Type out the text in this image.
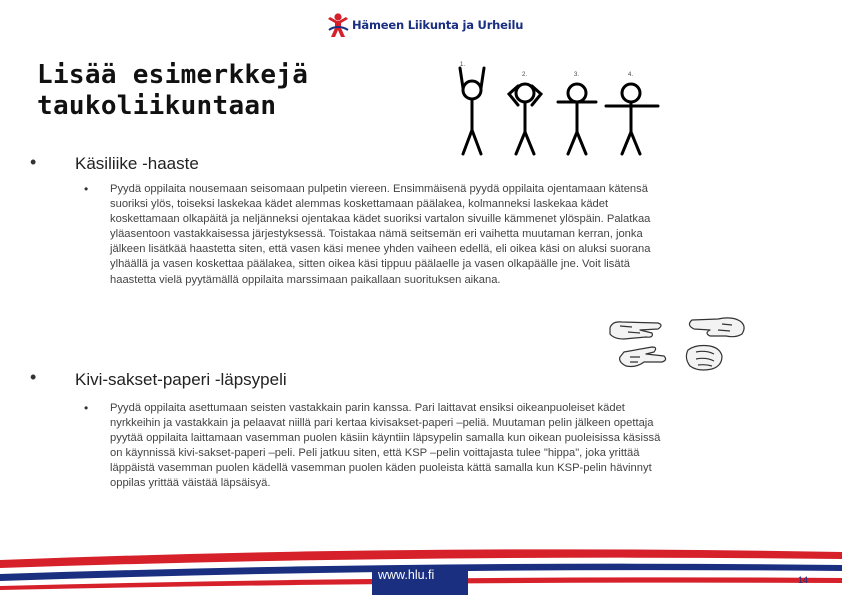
Hämeen Liikunta ja Urheilu
Lisää esimerkkejä
taukoliikuntaan
1.
2.	3.	4.
• Käsiliike -haaste
• Pyydä oppilaita nousemaan seisomaan pulpetin viereen. Ensimmäisenä pyydä oppilaita ojentamaan kätensä
suoriksi ylös, toiseksi laskekaa kädet alemmas koskettamaan päälakea, kolmanneksi laskekaa kädet
koskettamaan olkapäitä ja neljänneksi ojentakaa kädet suoriksi vartalon sivuille kämmenet ylöspäin. Palatkaa
yläasentoon vastakkaisessa järjestyksessä. Toistakaa nämä seitsemän eri vaihetta muutaman kerran, jonka
jälkeen lisätkää haastetta siten, että vasen käsi menee yhden vaiheen edellä, eli oikea käsi on aluksi suorana
ylhäällä ja vasen koskettaa päälakea, sitten oikea käsi tippuu päälaelle ja vasen olkapäälle jne. Voit lisätä
haastetta vielä pyytämällä oppilaita marssimaan paikallaan suorituksen aikana.

• Kivi-sakset-paperi -läpsypeli
• Pyydä oppilaita asettumaan seisten vastakkain parin kanssa. Pari laittavat ensiksi oikeanpuoleiset kädet
nyrkkeihin ja vastakkain ja pelaavat niillä pari kertaa kivisakset-paperi –peliä. Muutaman pelin jälkeen opettaja
pyytää oppilaita laittamaan vasemman puolen käsiin käyntiin läpsypelin samalla kun oikean puoleisissa käsissä
on käynnissä kivi-sakset-paperi –peli. Peli jatkuu siten, että KSP –pelin voittajasta tulee "hippa", joka yrittää
läppäistä vasemman puolen kädellä vasemman puolen käden puoleista kättä samalla kun KSP-pelin hävinnyt
oppilas yrittää väistää läpsäisyä.

www.hlu.fi	14
